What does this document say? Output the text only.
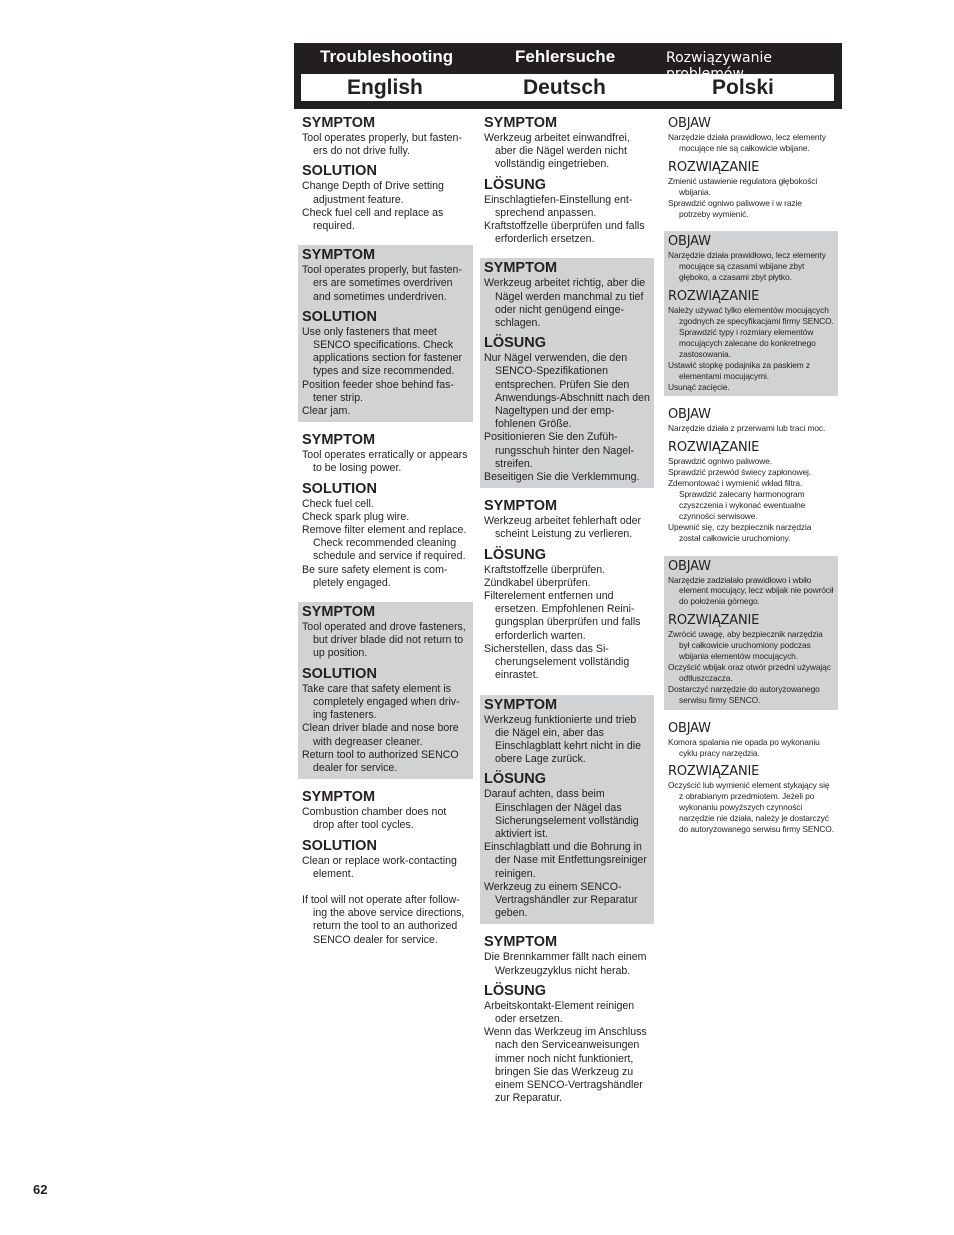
Troubleshooting	Fehlersuche	Rozwiązywanie
English	Deutsch	Polski
SYMPTOM

Tool operates properly, but fasten-ers do not drive fully.

SOLUTION

Change Depth of Drive setting adjustment feature.

Check fuel cell and replace as required.

SYMPTOM

Tool operates properly, but fasten-ers are sometimes overdriven and sometimes underdriven.

SOLUTION

Use only fasteners that meet SENCO specifications. Check applications section for fastener types and size recommended.

Position feeder shoe behind fas-tener strip.

Clear jam.

SYMPTOM

Tool operates erratically or appears to be losing power.

SOLUTION

Check fuel cell.

Check spark plug wire.

Remove filter element and replace. Check recommended cleaning schedule and service if required.

Be sure safety element is com-pletely engaged.

SYMPTOM

Tool operated and drove fasteners, but driver blade did not return to up position.

SOLUTION

Take care that safety element is completely engaged when driv-ing fasteners.

Clean driver blade and nose bore with degreaser cleaner.

Return tool to authorized SENCO dealer for service.

SYMPTOM

Combustion chamber does not drop after tool cycles.

SOLUTION

Clean or replace work-contacting element.

If tool will not operate after follow-ing the above service directions, return the tool to an authorized SENCO dealer for service.

SYMPTOM

Werkzeug arbeitet einwandfrei, aber die Nägel werden nicht vollständig eingetrieben.

LÖSUNG

Einschlagtiefen-Einstellung ent-sprechend anpassen.

Kraftstoffzelle überprüfen und falls erforderlich ersetzen.

SYMPTOM

Werkzeug arbeitet richtig, aber die Nägel werden manchmal zu tief oder nicht genügend einge-schlagen.

LÖSUNG

Nur Nägel verwenden, die den SENCO-Spezifikationen entsprechen. Prüfen Sie den Anwendungs-Abschnitt nach den Nageltypen und der emp-fohlenen Größe.

Positionieren Sie den Zufüh-rungsschuh hinter den Nagel-streifen.

Beseitigen Sie die Verklemmung.

SYMPTOM

Werkzeug arbeitet fehlerhaft oder scheint Leistung zu verlieren.

LÖSUNG

Kraftstoffzelle überprüfen.

Zündkabel überprüfen.

Filterelement entfernen und ersetzen. Empfohlenen Reini-gungsplan überprüfen und falls erforderlich warten.

Sicherstellen, dass das Si-cherungselement vollständig einrastet.

SYMPTOM

Werkzeug funktionierte und trieb die Nägel ein, aber das Einschlagblatt kehrt nicht in die obere Lage zurück.

LÖSUNG

Darauf achten, dass beim Einschlagen der Nägel das Sicherungselement vollständig aktiviert ist.

Einschlagblatt und die Bohrung in der Nase mit Entfettungsreiniger reinigen.

Werkzeug zu einem SENCO-Vertragshändler zur Reparatur geben.

SYMPTOM

Die Brennkammer fällt nach einem Werkzeugzyklus nicht herab.

LÖSUNG

Arbeitskontakt-Element reinigen oder ersetzen.

Wenn das Werkzeug im Anschluss nach den Serviceanweisungen immer noch nicht funktioniert, bringen Sie das Werkzeug zu einem SENCO-Vertragshändler zur Reparatur.

OBJAW

Narzędzie działa prawidłowo, lecz elementy mocujące nie są całkowicie wbijane.

ROZWIĄZANIE

Zmienić ustawienie regulatora głębokości wbijania.

Sprawdzić ogniwo paliwowe i w razie potrzeby wymienić.

OBJAW

Narzędzie działa prawidłowo, lecz elementy mocujące są czasami wbijane zbyt głęboko, a czasami zbyt płytko.

ROZWIĄZANIE

Należy używać tylko elementów mocujących zgodnych ze specyfikacjami firmy SENCO. Sprawdzić typy i rozmiary elementów mocujących zalecane do konkretnego zastosowania.

Ustawić stopkę podajnika za paskiem z elementami mocującymi.

Usunąć zacięcie.

OBJAW

Narzędzie działa z przerwami lub traci moc.

ROZWIĄZANIE

Sprawdzić ogniwo paliwowe.

Sprawdzić przewód świecy zapłonowej.

Zdemontować i wymienić wkład filtra. Sprawdzić zalecany harmonogram czyszczenia i wykonać ewentualne czynności serwisowe.

Upewnić się, czy bezpiecznik narzędzia został całkowicie uruchomiony.

OBJAW

Narzędzie zadziałało prawidłowo i wbiło element mocujący, lecz wbijak nie powrócił do położenia górnego.

ROZWIĄZANIE

Zwrócić uwagę, aby bezpiecznik narzędzia był całkowicie uruchomiony podczas wbijania elementów mocujących.

Oczyścić wbijak oraz otwór przedni używając odtłuszczacza.

Dostarczyć narzędzie do autoryzowanego serwisu firmy SENCO.

OBJAW

Komora spalania nie opada po wykonaniu cyklu pracy narzędzia.

ROZWIĄZANIE

Oczyścić lub wymienić element stykający się z obrabianym przedmiotem. Jeżeli po wykonaniu powyższych czynności narzędzie nie działa, należy je dostarczyć do autoryzowanego serwisu firmy SENCO.

62
